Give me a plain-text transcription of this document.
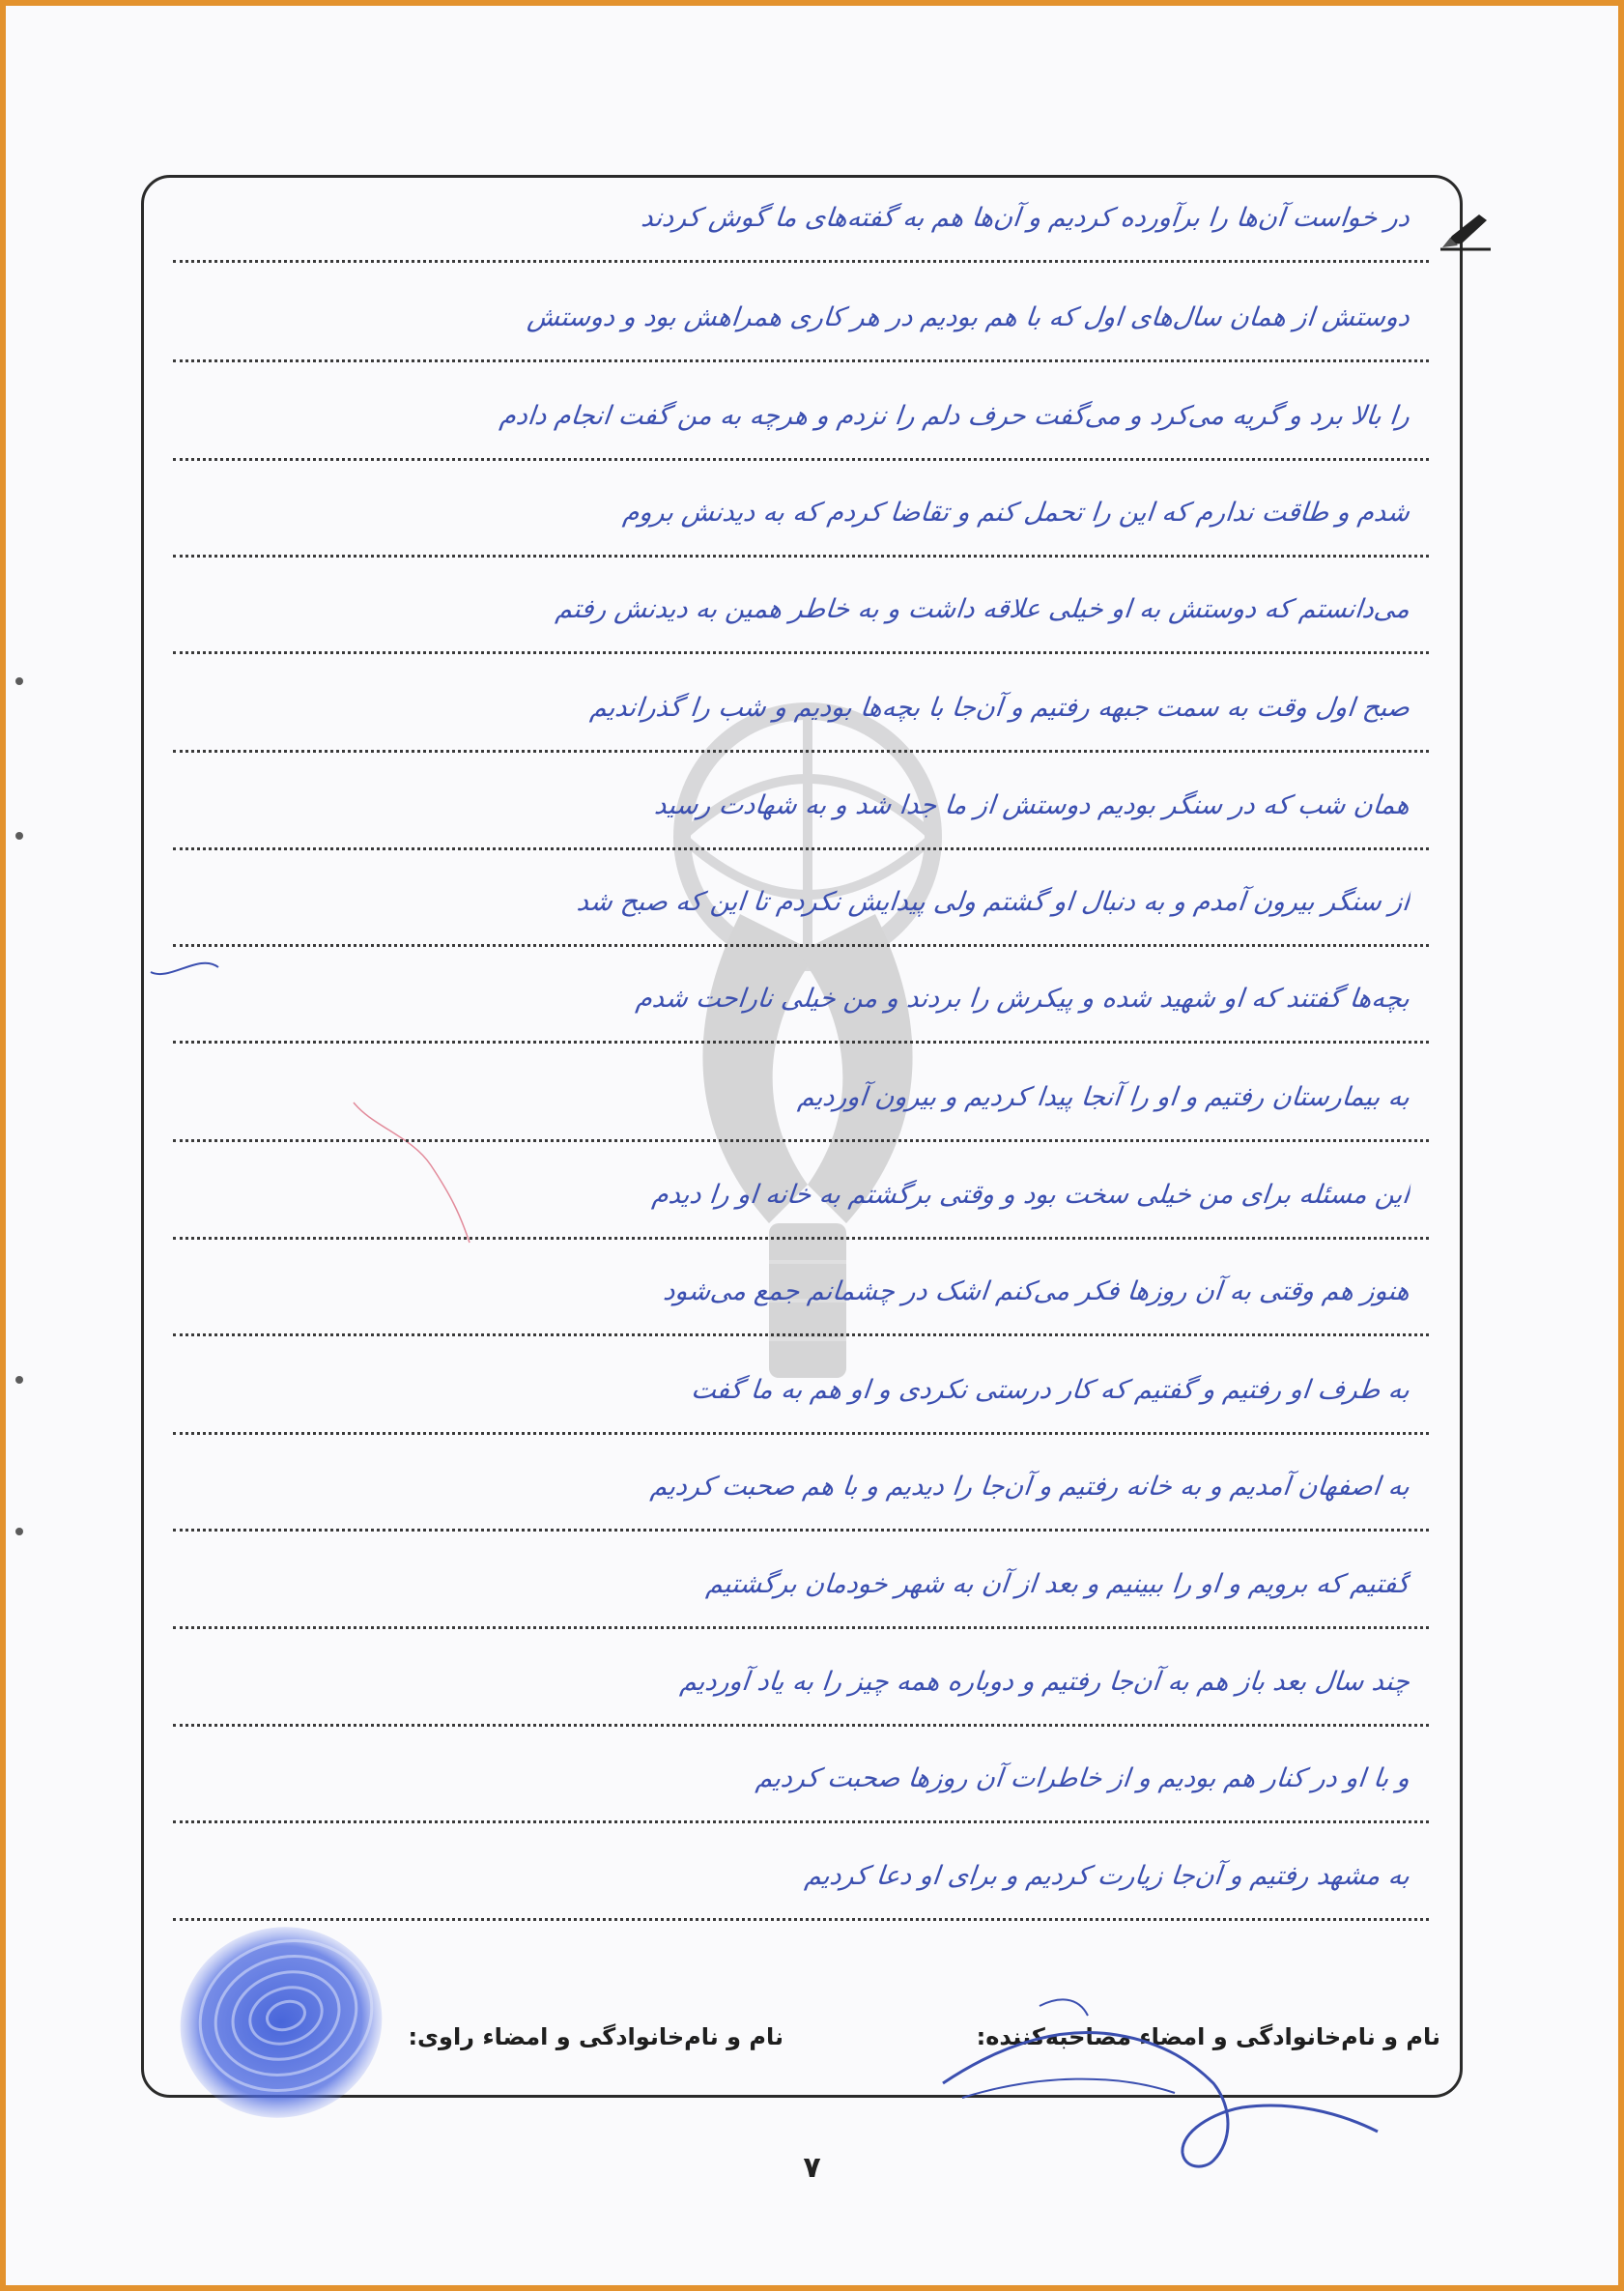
در خواست آن‌ها را برآورده کردیم و آن‌ها هم به گفته‌های ما گوش کردند
دوستش از همان سال‌های اول که با هم بودیم در هر کاری همراهش بود و دوستش
را بالا برد و گریه می‌کرد و می‌گفت حرف دلم را نزدم و هرچه به من گفت انجام دادم
شدم و طاقت ندارم که این را تحمل کنم و تقاضا کردم که به دیدنش بروم
می‌دانستم که دوستش به او خیلی علاقه داشت و به خاطر همین به دیدنش رفتم
صبح اول وقت به سمت جبهه رفتیم و آن‌جا با بچه‌ها بودیم و شب را گذراندیم
همان شب که در سنگر بودیم دوستش از ما جدا شد و به شهادت رسید
از سنگر بیرون آمدم و به دنبال او گشتم ولی پیدایش نکردم تا این که صبح شد
بچه‌ها گفتند که او شهید شده و پیکرش را بردند و من خیلی ناراحت شدم
به بیمارستان رفتیم و او را آنجا پیدا کردیم و بیرون آوردیم
این مسئله برای من خیلی سخت بود و وقتی برگشتم به خانه او را دیدم
هنوز هم وقتی به آن روزها فکر می‌کنم اشک در چشمانم جمع می‌شود
به طرف او رفتیم و گفتیم که کار درستی نکردی و او هم به ما گفت
به اصفهان آمدیم و به خانه رفتیم و آن‌جا را دیدیم و با هم صحبت کردیم
گفتیم که برویم و او را ببینیم و بعد از آن به شهر خودمان برگشتیم
چند سال بعد باز هم به آن‌جا رفتیم و دوباره همه چیز را به یاد آوردیم
و با او در کنار هم بودیم و از خاطرات آن روزها صحبت کردیم
به مشهد رفتیم و آن‌جا زیارت کردیم و برای او دعا کردیم
نام و نام‌خانوادگی و امضاء مصاحبه‌کننده:
نام و نام‌خانوادگی و امضاء راوی:
۷
